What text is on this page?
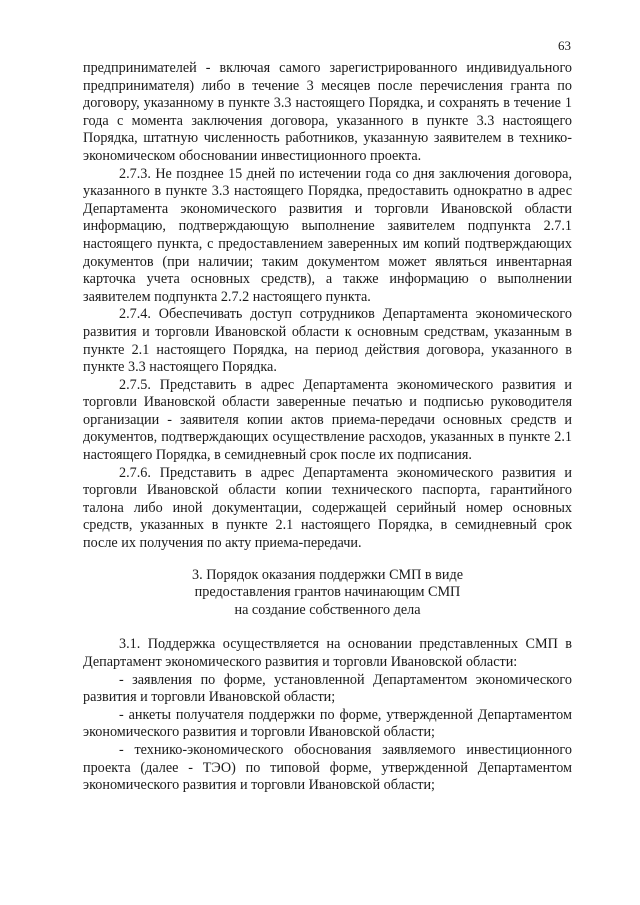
63

предпринимателей - включая самого зарегистрированного индивидуального предпринимателя) либо в течение 3 месяцев после перечисления гранта по договору, указанному в пункте 3.3 настоящего Порядка, и сохранять в течение 1 года с момента заключения договора, указанного в пункте 3.3 настоящего Порядка, штатную численность работников, указанную заявителем в технико-экономическом обосновании инвестиционного проекта.

2.7.3. Не позднее 15 дней по истечении года со дня заключения договора, указанного в пункте 3.3 настоящего Порядка, предоставить однократно в адрес Департамента экономического развития и торговли Ивановской области информацию, подтверждающую выполнение заявителем подпункта 2.7.1 настоящего пункта, с предоставлением заверенных им копий подтверждающих документов (при наличии; таким документом может являться инвентарная карточка учета основных средств), а также информацию о выполнении заявителем подпункта 2.7.2 настоящего пункта.

2.7.4. Обеспечивать доступ сотрудников Департамента экономического развития и торговли Ивановской области к основным средствам, указанным в пункте 2.1 настоящего Порядка, на период действия договора, указанного в пункте 3.3 настоящего Порядка.

2.7.5. Представить в адрес Департамента экономического развития и торговли Ивановской области заверенные печатью и подписью руководителя организации - заявителя копии актов приема-передачи основных средств и документов, подтверждающих осуществление расходов, указанных в пункте 2.1 настоящего Порядка, в семидневный срок после их подписания.

2.7.6. Представить в адрес Департамента экономического развития и торговли Ивановской области копии технического паспорта, гарантийного талона либо иной документации, содержащей серийный номер основных средств, указанных в пункте 2.1 настоящего Порядка, в семидневный срок после их получения по акту приема-передачи.

3. Порядок оказания поддержки СМП в виде
предоставления грантов начинающим СМП
на создание собственного дела

3.1. Поддержка осуществляется на основании представленных СМП в Департамент экономического развития и торговли Ивановской области:

- заявления по форме, установленной Департаментом экономического развития и торговли Ивановской области;

- анкеты получателя поддержки по форме, утвержденной Департаментом экономического развития и торговли Ивановской области;

- технико-экономического обоснования заявляемого инвестиционного проекта (далее - ТЭО) по типовой форме, утвержденной Департаментом экономического развития и торговли Ивановской области;
